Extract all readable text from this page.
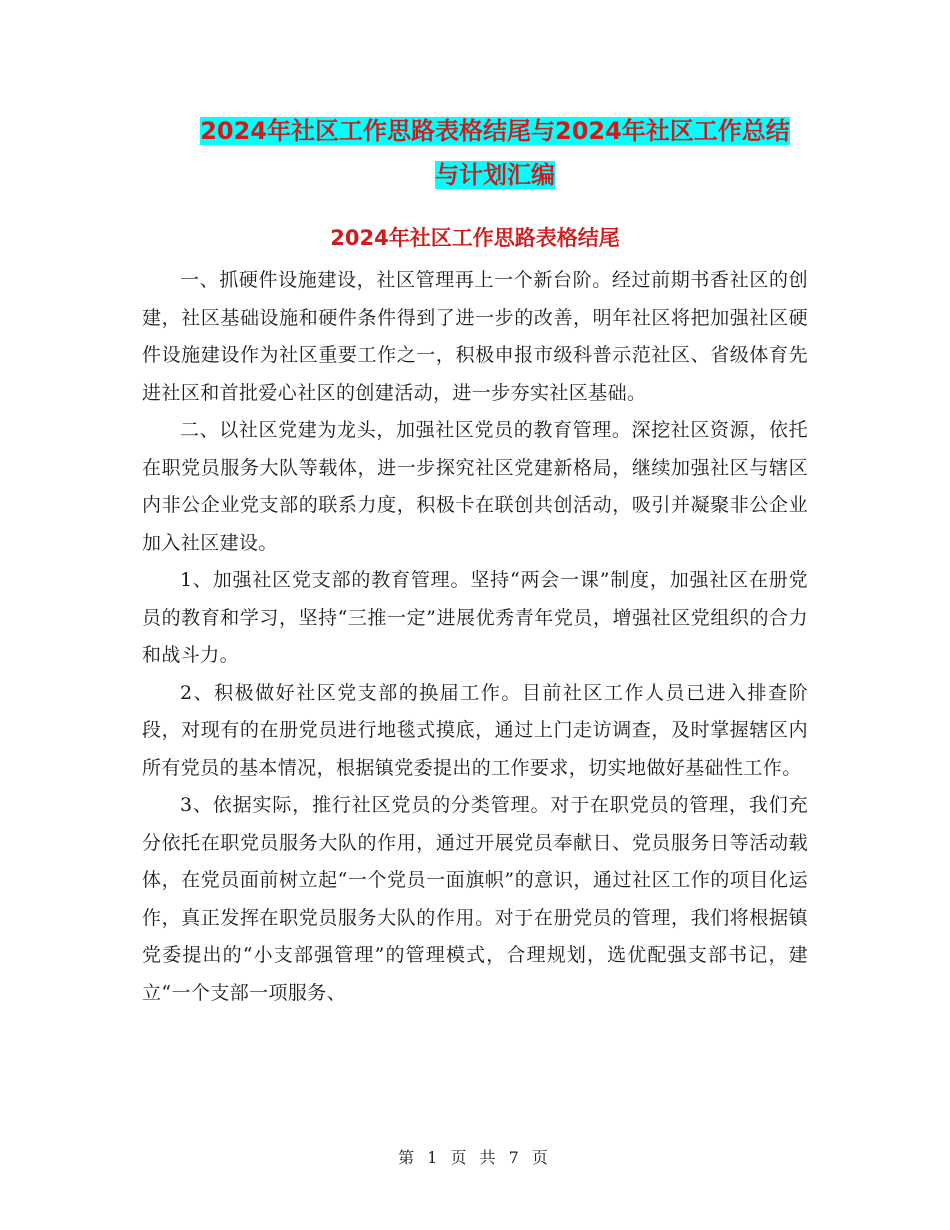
2024年社区工作思路表格结尾与2024年社区工作总结
与计划汇编
2024年社区工作思路表格结尾

一、抓硬件设施建设，社区管理再上一个新台阶。经过前期书香社区的创建，社区基础设施和硬件条件得到了进一步的改善，明年社区将把加强社区硬件设施建设作为社区重要工作之一，积极申报市级科普示范社区、省级体育先进社区和首批爱心社区的创建活动，进一步夯实社区基础。

二、以社区党建为龙头，加强社区党员的教育管理。深挖社区资源，依托在职党员服务大队等载体，进一步探究社区党建新格局，继续加强社区与辖区内非公企业党支部的联系力度，积极卡在联创共创活动，吸引并凝聚非公企业加入社区建设。

1、加强社区党支部的教育管理。坚持“两会一课”制度，加强社区在册党员的教育和学习，坚持“三推一定”进展优秀青年党员，增强社区党组织的合力和战斗力。

2、积极做好社区党支部的换届工作。目前社区工作人员已进入排查阶段，对现有的在册党员进行地毯式摸底，通过上门走访调查，及时掌握辖区内所有党员的基本情况，根据镇党委提出的工作要求，切实地做好基础性工作。

3、依据实际，推行社区党员的分类管理。对于在职党员的管理，我们充分依托在职党员服务大队的作用，通过开展党员奉献日、党员服务日等活动载体，在党员面前树立起“一个党员一面旗帜”的意识，通过社区工作的项目化运作，真正发挥在职党员服务大队的作用。对于在册党员的管理，我们将根据镇党委提出的“小支部强管理”的管理模式，合理规划，选优配强支部书记，建立“一个支部一项服务、

第 1 页 共 7 页
